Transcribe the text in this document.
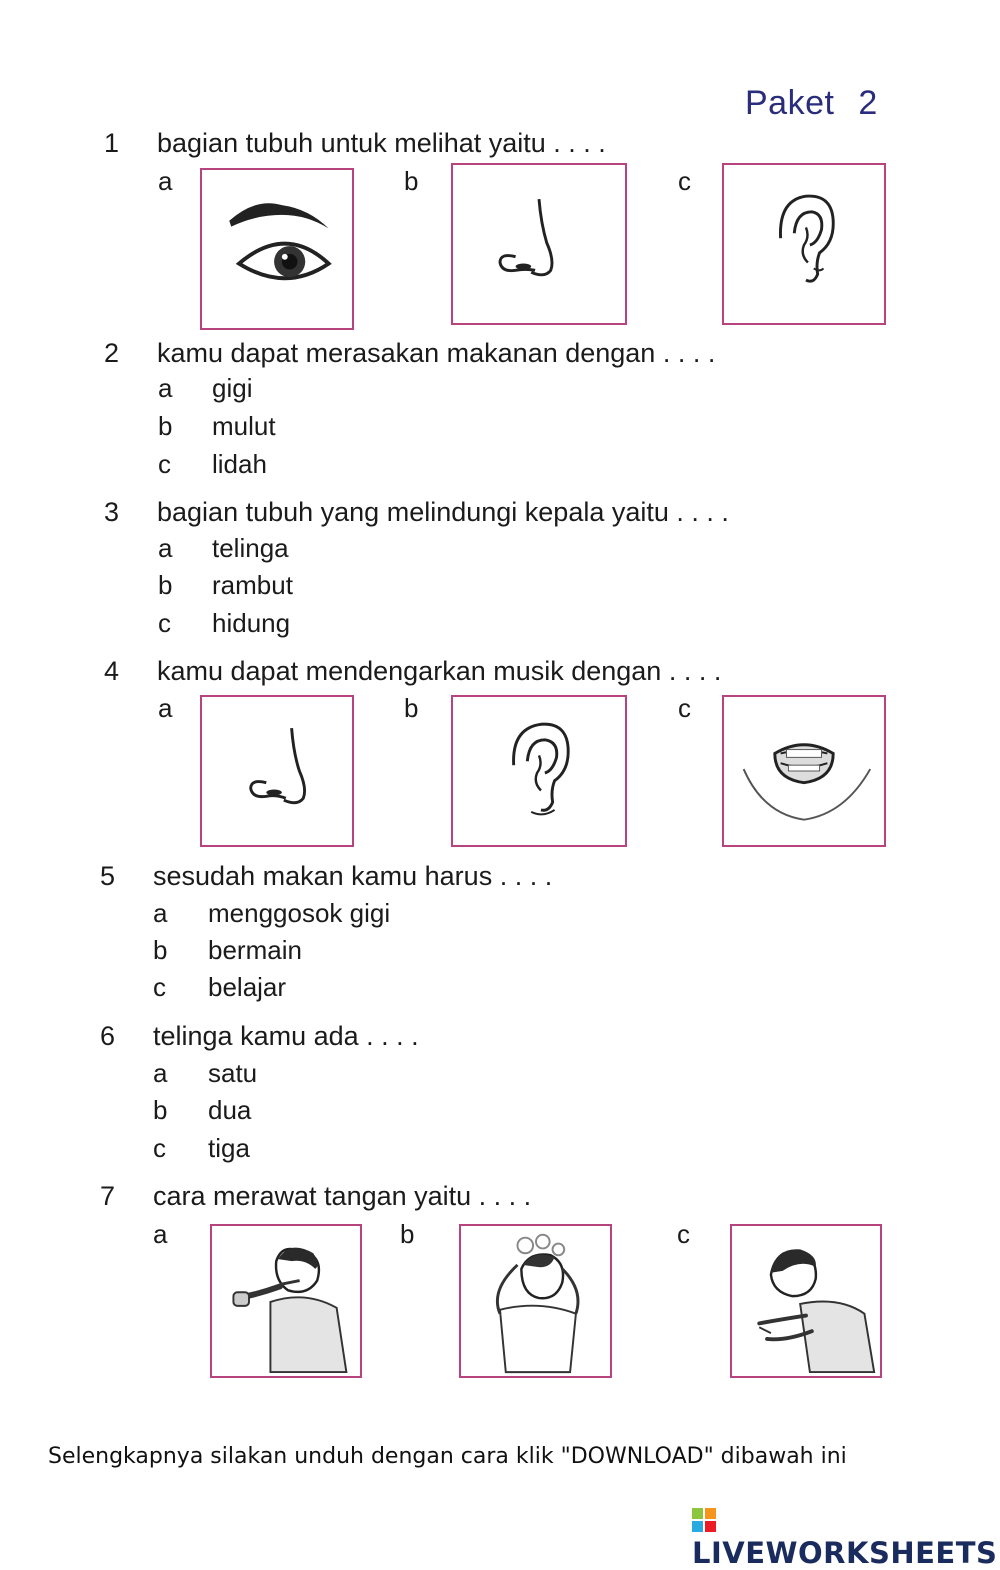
Paket 2
1 bagian tubuh untuk melihat yaitu . . . .
a	b	c
2 kamu dapat merasakan makanan dengan . . . .
a gigi
b mulut
c lidah
3 bagian tubuh yang melindungi kepala yaitu . . . .
a telinga
b rambut
c hidung
4 kamu dapat mendengarkan musik dengan . . . .
a	b	c
5 sesudah makan kamu harus . . . .
a menggosok gigi
b bermain
c belajar
6 telinga kamu ada . . . .
a satu
b dua
c tiga
7 cara merawat tangan yaitu . . . .
a	b	c
Selengkapnya silakan unduh dengan cara klik "DOWNLOAD" dibawah ini
LIVEWORKSHEETS
